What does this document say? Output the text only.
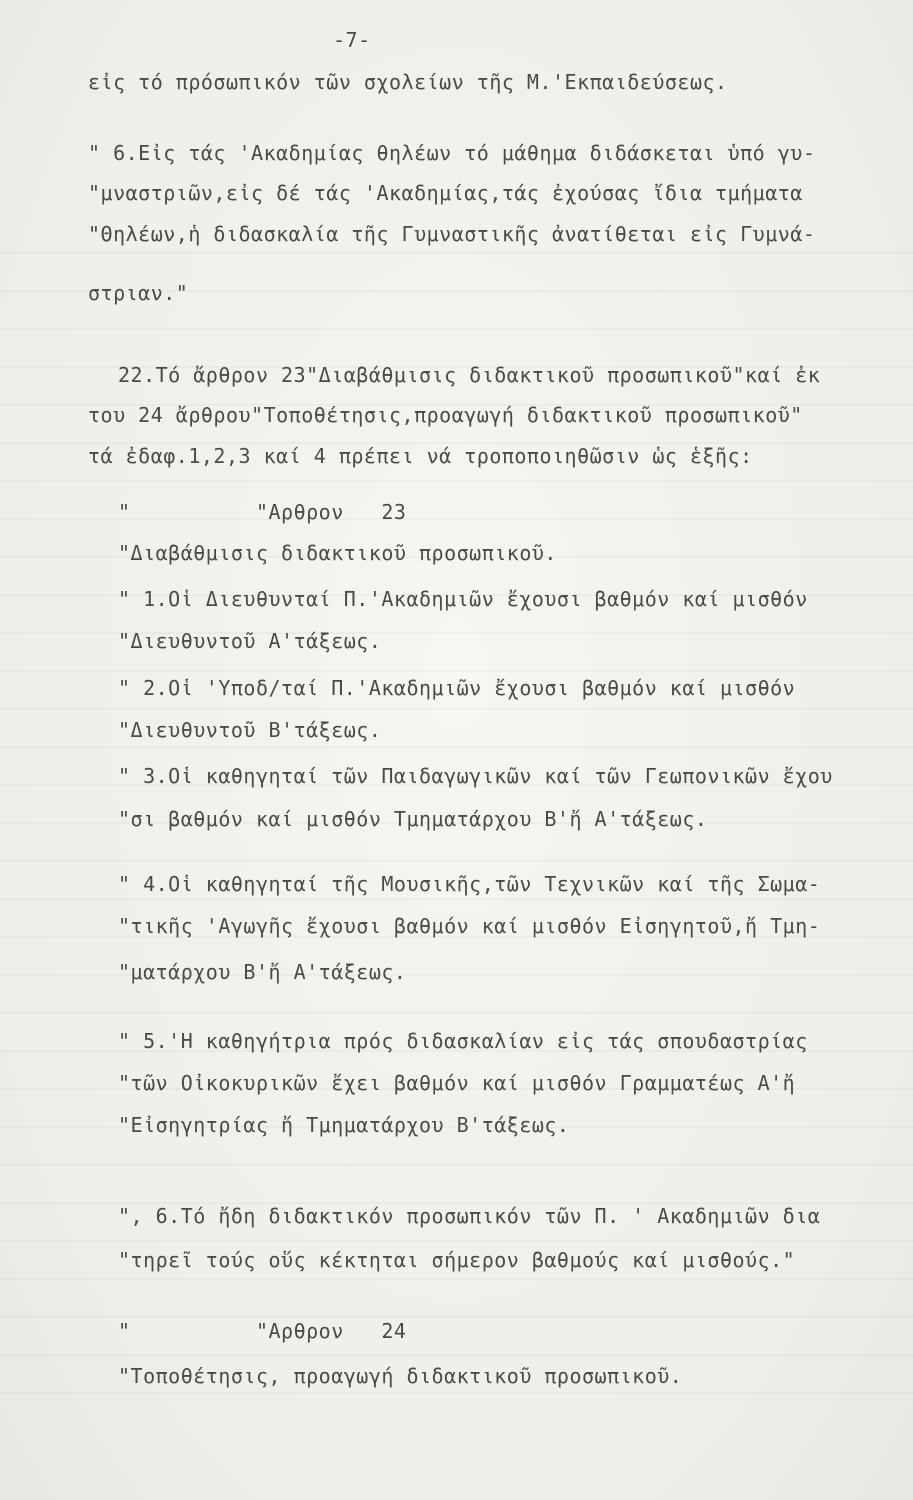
-7-
εἰς τό πρόσωπικόν τῶν σχολείων τῆς Μ.'Εκπαιδεύσεως.
" 6.Εἰς τάς 'Ακαδημίας θηλέων τό μάθημα διδάσκεται ὑπό γυ-
"μναστριῶν,εἰς δέ τάς 'Ακαδημίας,τάς ἐχούσας ἴδια τμήματα
"Θηλέων,ἡ διδασκαλία τῆς Γυμναστικῆς ἀνατίθεται εἰς Γυμνά-
στριαν."
22.Τό ἄρθρον 23"Διαβάθμισις διδακτικοῦ προσωπικοῦ"καί ἐκ
του 24 ἄρθρου"Τοποθέτησις,προαγωγή διδακτικοῦ προσωπικοῦ"
τά ἐδαφ.1,2,3 καί 4 πρέπει νά τροποποιηθῶσιν ὡς ἑξῆς:
"          "Αρθρον   23
"Διαβάθμισις διδακτικοῦ προσωπικοῦ.
" 1.Οἱ Διευθυνταί Π.'Ακαδημιῶν ἔχουσι βαθμόν καί μισθόν
"Διευθυντοῦ Α'τάξεως.
" 2.Οἱ 'Υποδ/ταί Π.'Ακαδημιῶν ἔχουσι βαθμόν καί μισθόν
"Διευθυντοῦ Β'τάξεως.
" 3.Οἱ καθηγηταί τῶν Παιδαγωγικῶν καί τῶν Γεωπονικῶν ἔχου
"σι βαθμόν καί μισθόν Τμηματάρχου Β'ἤ Α'τάξεως.
" 4.Οἱ καθηγηταί τῆς Μουσικῆς,τῶν Τεχνικῶν καί τῆς Σωμα-
"τικῆς 'Αγωγῆς ἔχουσι βαθμόν καί μισθόν Εἰσηγητοῦ,ἤ Τμη-
"ματάρχου Β'ἤ Α'τάξεως.
" 5.'Η καθηγήτρια πρός διδασκαλίαν εἰς τάς σπουδαστρίας
"τῶν Οἰκοκυρικῶν ἔχει βαθμόν καί μισθόν Γραμματέως Α'ἤ
"Εἰσηγητρίας ἤ Τμηματάρχου Β'τάξεως.
", 6.Τό ἤδη διδακτικόν προσωπικόν τῶν Π. ' Ακαδημιῶν δια
"τηρεῖ τούς οὕς κέκτηται σήμερον βαθμούς καί μισθούς."
"          "Αρθρον   24
"Τοποθέτησις, προαγωγή διδακτικοῦ προσωπικοῦ.
